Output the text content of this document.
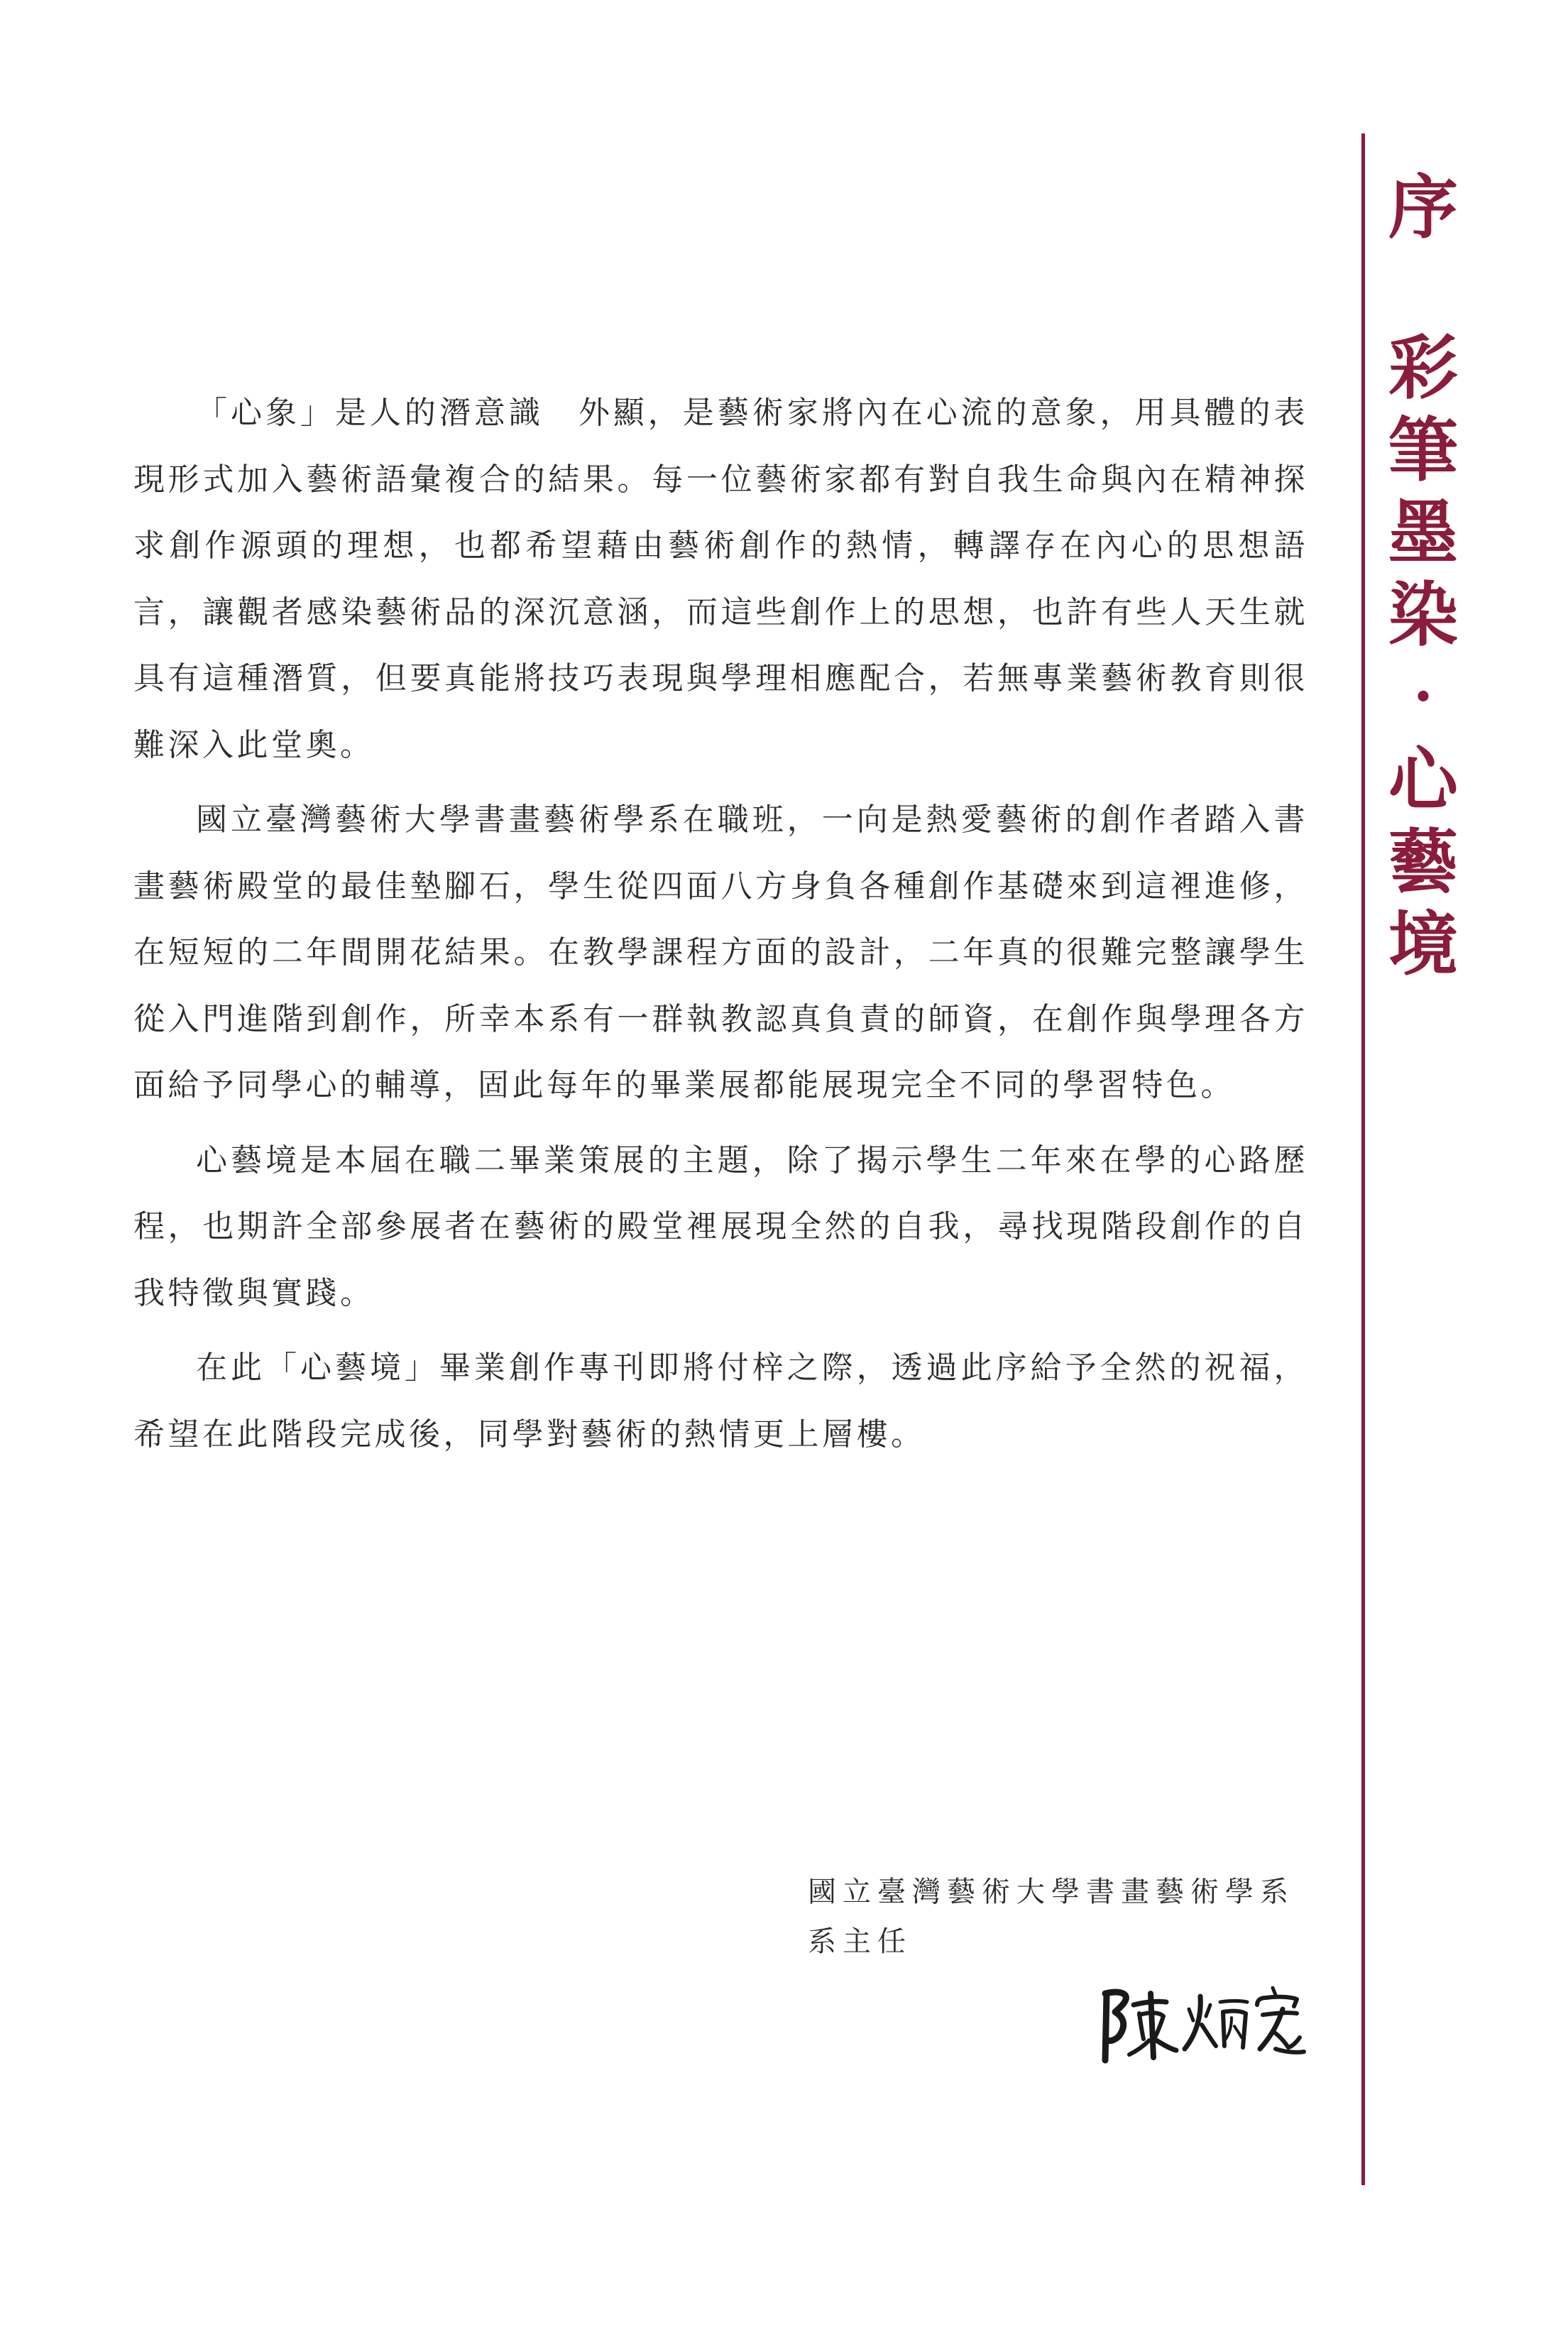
「心象」是人的潛意識　外顯，是藝術家將內在心流的意象，用具體的表現形式加入藝術語彙複合的結果。每一位藝術家都有對自我生命與內在精神探求創作源頭的理想，也都希望藉由藝術創作的熱情，轉譯存在內心的思想語言，讓觀者感染藝術品的深沉意涵，而這些創作上的思想，也許有些人天生就具有這種潛質，但要真能將技巧表現與學理相應配合，若無專業藝術教育則很難深入此堂奧。

國立臺灣藝術大學書畫藝術學系在職班，一向是熱愛藝術的創作者踏入書畫藝術殿堂的最佳墊腳石，學生從四面八方身負各種創作基礎來到這裡進修，在短短的二年間開花結果。在教學課程方面的設計，二年真的很難完整讓學生從入門進階到創作，所幸本系有一群執教認真負責的師資，在創作與學理各方面給予同學心的輔導，固此每年的畢業展都能展現完全不同的學習特色。

心藝境是本屆在職二畢業策展的主題，除了揭示學生二年來在學的心路歷程，也期許全部參展者在藝術的殿堂裡展現全然的自我，尋找現階段創作的自我特徵與實踐。

在此「心藝境」畢業創作專刊即將付梓之際，透過此序給予全然的祝福，希望在此階段完成後，同學對藝術的熱情更上層樓。

國立臺灣藝術大學書畫藝術學系
系主任
序
彩
筆
墨
染
・
心
藝
境
